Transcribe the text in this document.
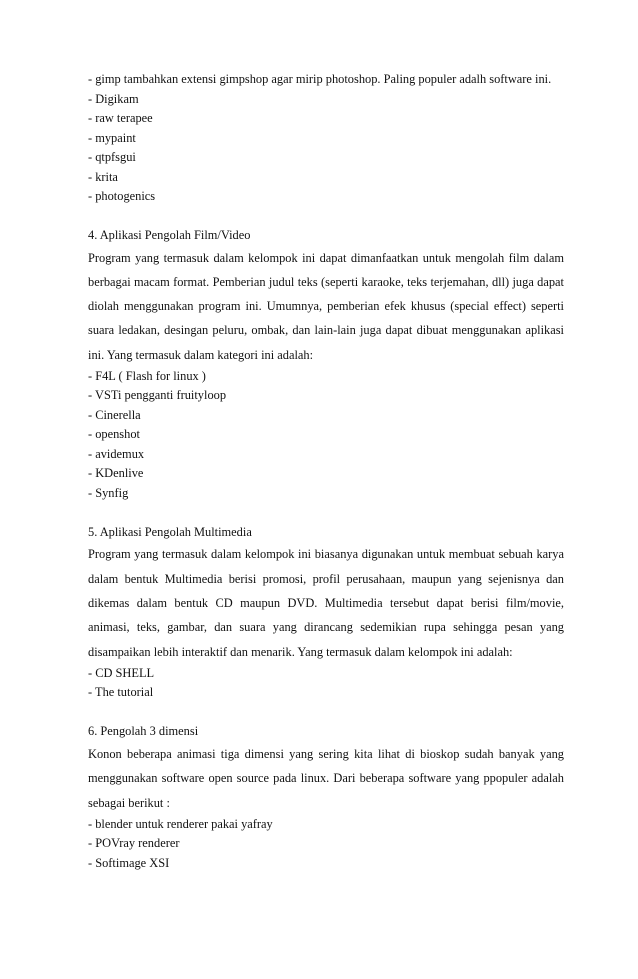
- gimp tambahkan extensi gimpshop agar mirip photoshop. Paling populer adalh software ini.
- Digikam
- raw terapee
- mypaint
- qtpfsgui
- krita
- photogenics
4. Aplikasi Pengolah Film/Video
Program yang termasuk dalam kelompok ini dapat dimanfaatkan untuk mengolah film dalam berbagai macam format. Pemberian judul teks (seperti karaoke, teks terjemahan, dll) juga dapat diolah menggunakan program ini. Umumnya, pemberian efek khusus (special effect) seperti suara ledakan, desingan peluru, ombak, dan lain-lain juga dapat dibuat menggunakan aplikasi ini. Yang termasuk dalam kategori ini adalah:
- F4L ( Flash for linux )
- VSTi pengganti fruityloop
- Cinerella
- openshot
- avidemux
- KDenlive
- Synfig
5. Aplikasi Pengolah Multimedia
Program yang termasuk dalam kelompok ini biasanya digunakan untuk membuat sebuah karya dalam bentuk Multimedia berisi promosi, profil perusahaan, maupun yang sejenisnya dan dikemas dalam bentuk CD maupun DVD. Multimedia tersebut dapat berisi film/movie, animasi, teks, gambar, dan suara yang dirancang sedemikian rupa sehingga pesan yang disampaikan lebih interaktif dan menarik. Yang termasuk dalam kelompok ini adalah:
- CD SHELL
- The tutorial
6. Pengolah 3 dimensi
Konon beberapa animasi tiga dimensi yang sering kita lihat di bioskop sudah banyak yang menggunakan software open source pada linux. Dari beberapa software yang ppopuler adalah sebagai berikut :
- blender untuk renderer pakai yafray
- POVray renderer
- Softimage XSI
